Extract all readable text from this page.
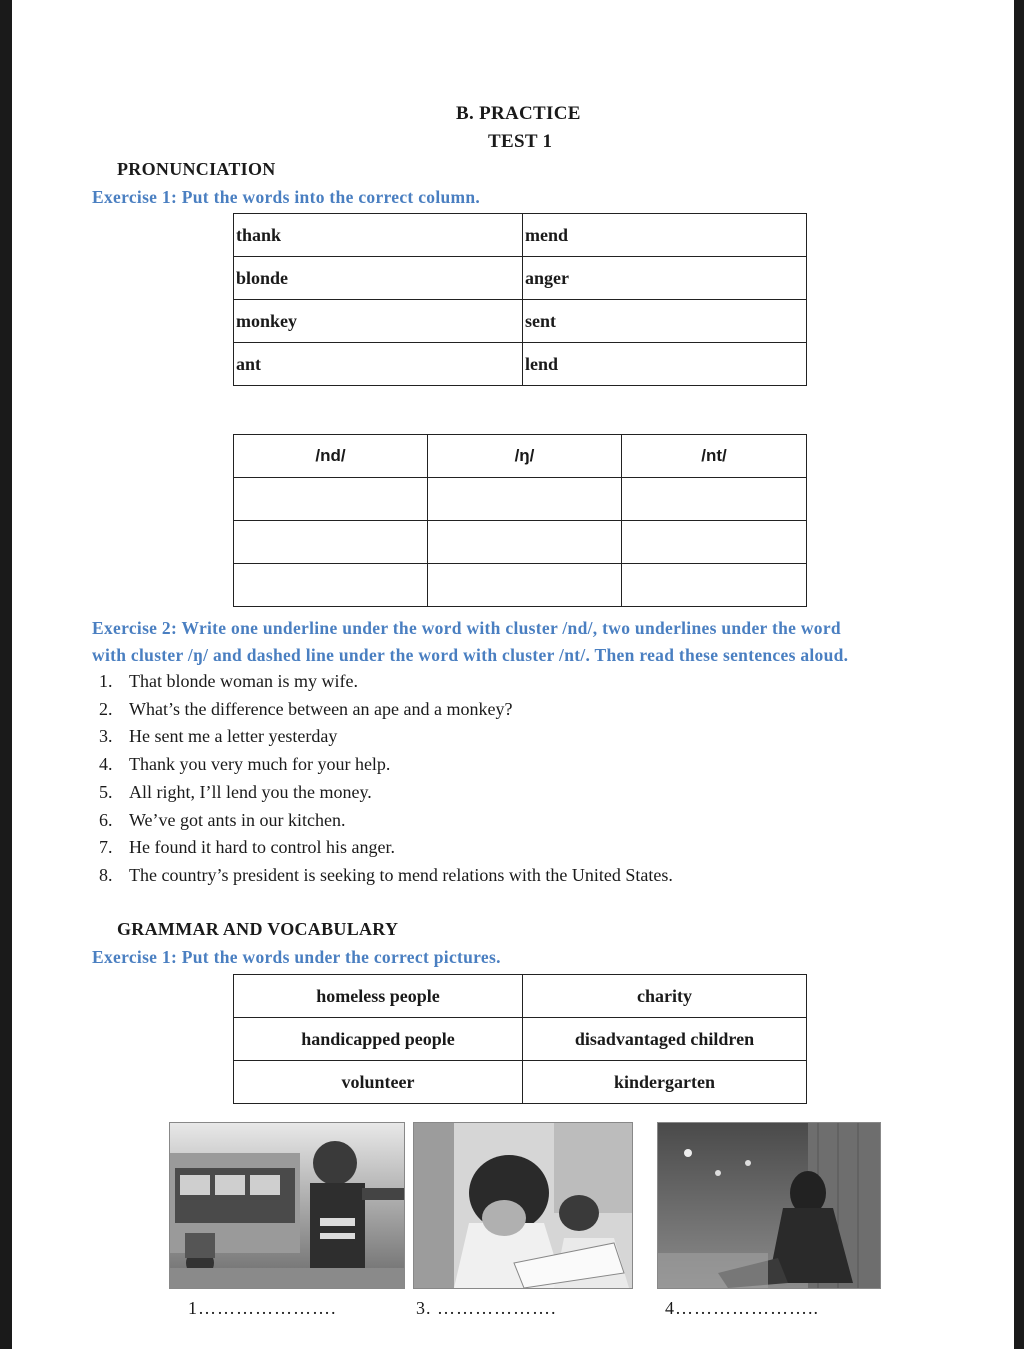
B. PRACTICE
TEST 1
PRONUNCIATION
Exercise 1: Put the words into the correct column.
thank	mend
blonde	anger
monkey	sent
ant	lend
/nd/	/ŋ/	/nt/

Exercise 2: Write one underline under the word with cluster /nd/, two underlines under the word
with cluster /ŋ/ and dashed line under the word with cluster /nt/. Then read these sentences aloud.
1. That blonde woman is my wife.
2. What’s the difference between an ape and a monkey?
3. He sent me a letter yesterday
4. Thank you very much for your help.
5. All right, I’ll lend you the money.
6. We’ve got ants in our kitchen.
7. He found it hard to control his anger.
8. The country’s president is seeking to mend relations with the United States.
GRAMMAR AND VOCABULARY
Exercise 1: Put the words under the correct pictures.
homeless people	charity
handicapped people	disadvantaged children
volunteer	kindergarten
1………………….	3. ……………….	4…………………..
